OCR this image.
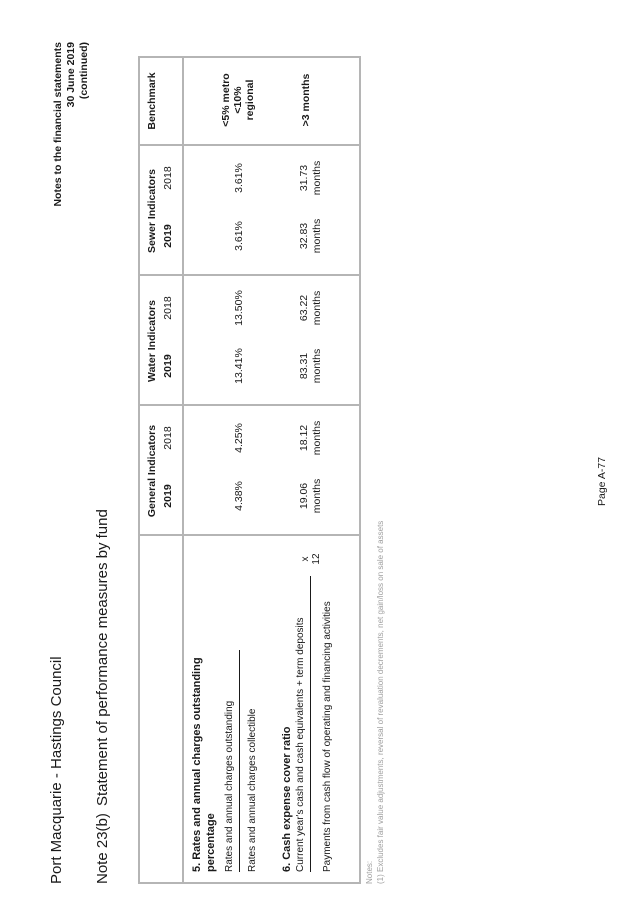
Port Macquarie - Hastings Council Note 23(b)
Statement of performance measures by fund
Notes to the financial statements 30 June 2019 (continued)
General Indicators
Water Indicators
Sewer Indicators
Benchmark
2019
2018
2019
2018
2019
2018
5. Rates and annual charges outstanding percentage Rates and annual charges outstanding Rates and annual charges collectible
4.38%
4.25%
13.41%
13.50%
3.61%
3.61%
<5% metro <10% regional
6. Cash expense cover ratio Current year's cash and cash equivalents + term deposits Payments from cash flow of operating and financing activities
x 12
19.06 months
18.12 months
83.31 months
63.22 months
32.83 months
31.73 months
>3 months
Notes: (1) Excludes fair value adjustments, reversal of revaluation decrements, net gain/loss on sale of assets
Page A-77
